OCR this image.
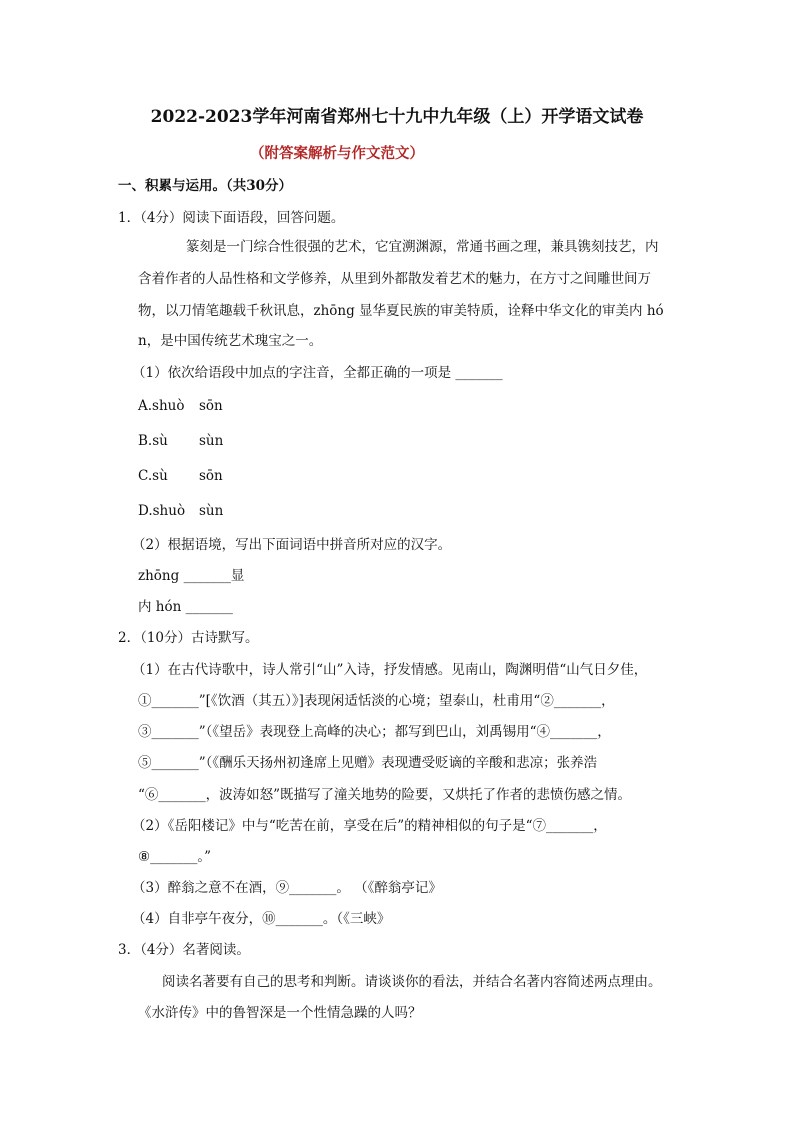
2022-2023学年河南省郑州七十九中九年级（上）开学语文试卷
（附答案解析与作文范文）
一、积累与运用。（共30分）
1．（4分）阅读下面语段，回答问题。
篆刻是一门综合性很强的艺术，它宜溯渊源，常通书画之理，兼具镌刻技艺，内
含着作者的人品性格和文学修养，从里到外都散发着艺术的魅力，在方寸之间雕世间万
物，以刀情笔趣载千秋讯息，zhōng 显华夏民族的审美特质，诠释中华文化的审美内 hó
n，是中国传统艺术瑰宝之一。
（1）依次给语段中加点的字注音，全都正确的一项是 _______
A.shuò sōn
B.sù sùn
C.sù sōn
D.shuò sùn
（2）根据语境，写出下面词语中拼音所对应的汉字。
zhōng _______显
内 hón _______
2．（10分）古诗默写。
（1）在古代诗歌中，诗人常引“山”入诗，抒发情感。见南山，陶渊明借“山气日夕佳，
①_______”[《饮酒（其五）》]表现闲适恬淡的心境；望泰山，杜甫用“②_______，
③_______”（《望岳》表现登上高峰的决心；都写到巴山，刘禹锡用“④_______，
⑤_______”（《酬乐天扬州初逢席上见赠》表现遭受贬谪的辛酸和悲凉；张养浩
“⑥_______，波涛如怒”既描写了潼关地势的险要，又烘托了作者的悲愤伤感之情。
（2）《岳阳楼记》中与“吃苦在前，享受在后”的精神相似的句子是“⑦_______，
⑧_______。”
（3）醉翁之意不在酒，⑨_______。 （《醉翁亭记》
（4）自非亭午夜分，⑩_______。（《三峡》
3．（4分）名著阅读。
阅读名著要有自己的思考和判断。请谈谈你的看法，并结合名著内容简述两点理由。
《水浒传》中的鲁智深是一个性情急躁的人吗？
